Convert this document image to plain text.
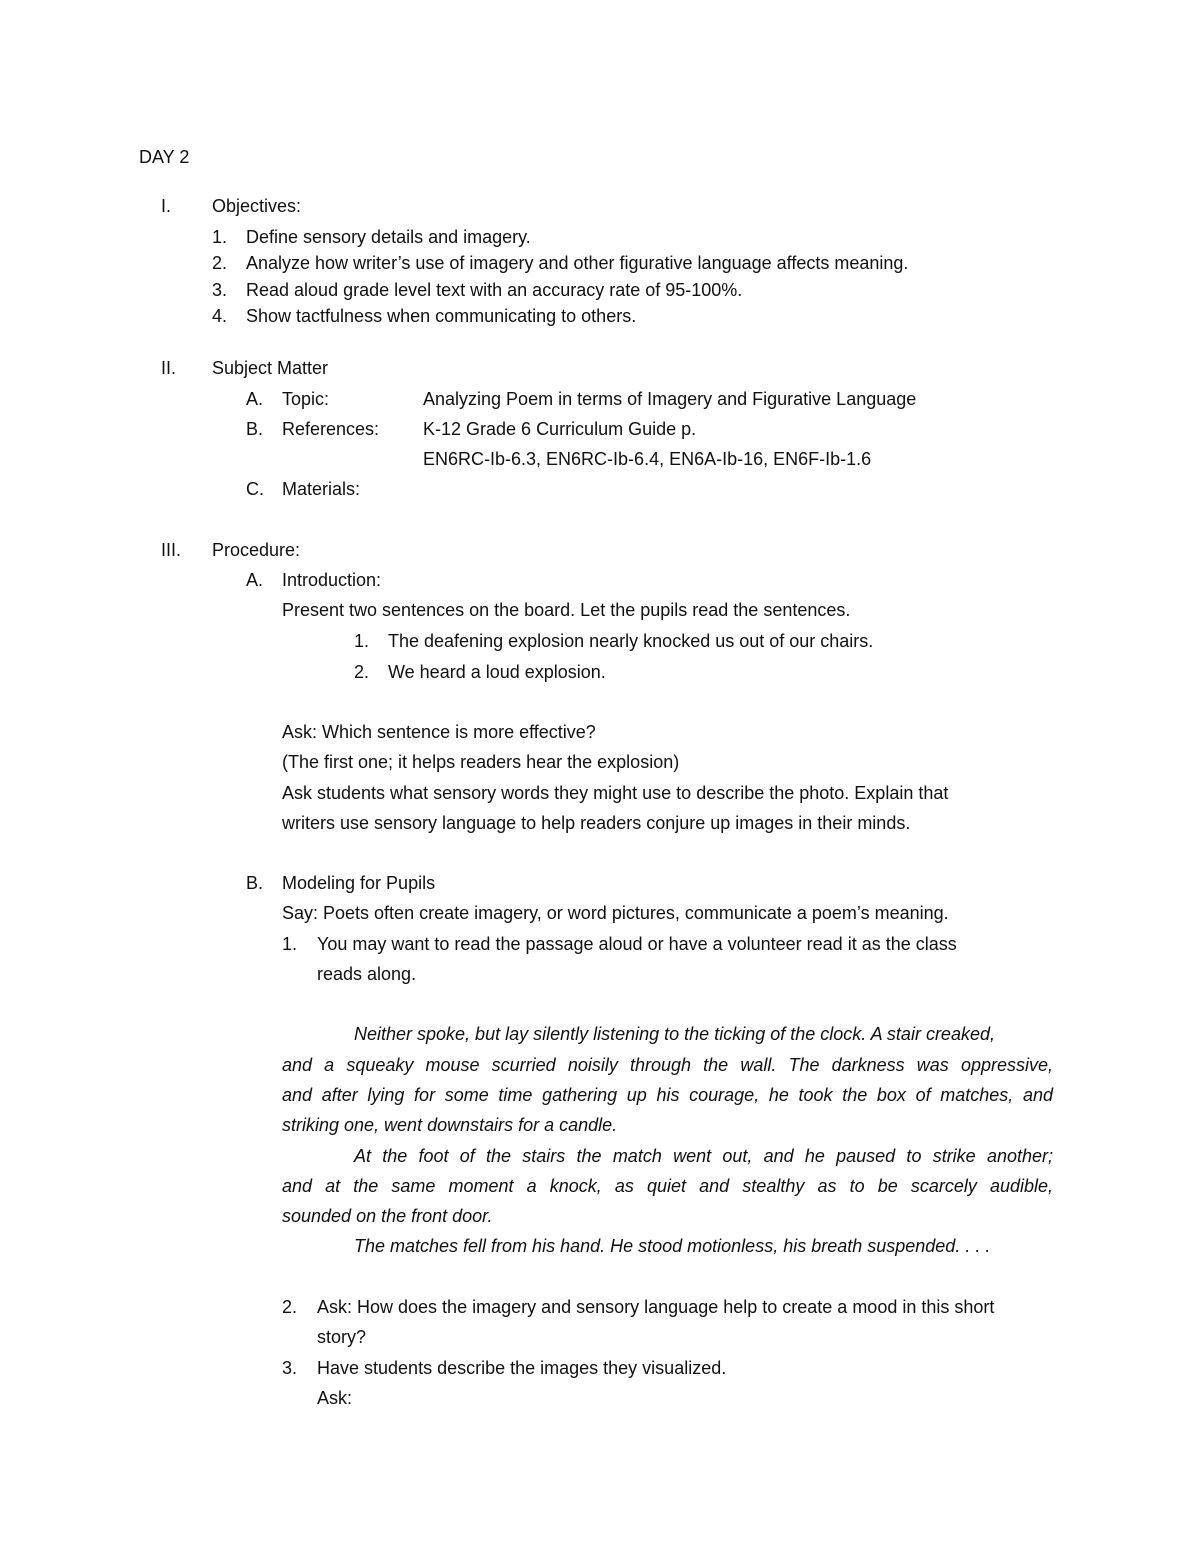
DAY 2
I. Objectives:
1. Define sensory details and imagery.
2. Analyze how writer’s use of imagery and other figurative language affects meaning.
3. Read aloud grade level text with an accuracy rate of 95-100%.
4. Show tactfulness when communicating to others.
II. Subject Matter
A. Topic:	Analyzing Poem in terms of Imagery and Figurative Language
B. References: K-12 Grade 6 Curriculum Guide p.
EN6RC-Ib-6.3, EN6RC-Ib-6.4, EN6A-Ib-16, EN6F-Ib-1.6
C. Materials:
III. Procedure:
A. Introduction:
Present two sentences on the board. Let the pupils read the sentences.
1. The deafening explosion nearly knocked us out of our chairs.
2. We heard a loud explosion.
Ask: Which sentence is more effective?
(The first one; it helps readers hear the explosion)
Ask students what sensory words they might use to describe the photo. Explain that
writers use sensory language to help readers conjure up images in their minds.
B. Modeling for Pupils
Say: Poets often create imagery, or word pictures, communicate a poem’s meaning.
1. You may want to read the passage aloud or have a volunteer read it as the class
reads along.
Neither spoke, but lay silently listening to the ticking of the clock. A stair creaked,
and a squeaky mouse scurried noisily through the wall. The darkness was oppressive,
and after lying for some time gathering up his courage, he took the box of matches, and
striking one, went downstairs for a candle.
At the foot of the stairs the match went out, and he paused to strike another;
and at the same moment a knock, as quiet and stealthy as to be scarcely audible,
sounded on the front door.
The matches fell from his hand. He stood motionless, his breath suspended. . . .
2. Ask: How does the imagery and sensory language help to create a mood in this short
story?
3. Have students describe the images they visualized.
Ask:
